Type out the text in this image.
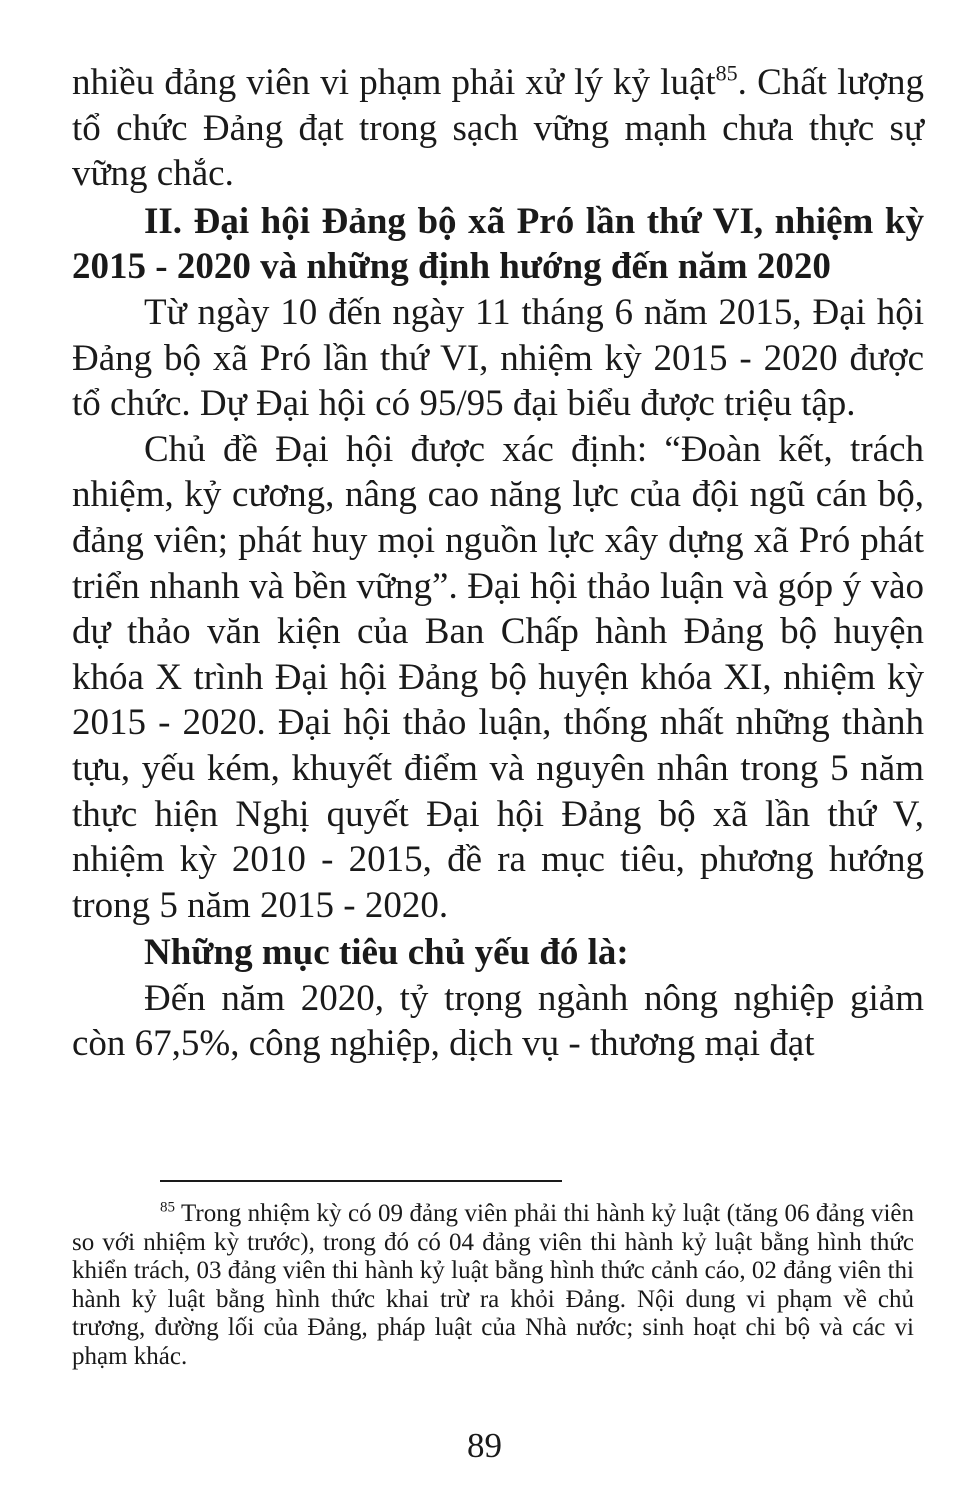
nhiều đảng viên vi phạm phải xử lý kỷ luật$^{85}$. Chất lượng tổ chức Đảng đạt trong sạch vững mạnh chưa thực sự vững chắc.

II. Đại hội Đảng bộ xã Pró lần thứ VI, nhiệm kỳ 2015 - 2020 và những định hướng đến năm 2020

Từ ngày 10 đến ngày 11 tháng 6 năm 2015, Đại hội Đảng bộ xã Pró lần thứ VI, nhiệm kỳ 2015 - 2020 được tổ chức. Dự Đại hội có 95/95 đại biểu được triệu tập.

Chủ đề Đại hội được xác định: “Đoàn kết, trách nhiệm, kỷ cương, nâng cao năng lực của đội ngũ cán bộ, đảng viên; phát huy mọi nguồn lực xây dựng xã Pró phát triển nhanh và bền vững”. Đại hội thảo luận và góp ý vào dự thảo văn kiện của Ban Chấp hành Đảng bộ huyện khóa X trình Đại hội Đảng bộ huyện khóa XI, nhiệm kỳ 2015 - 2020. Đại hội thảo luận, thống nhất những thành tựu, yếu kém, khuyết điểm và nguyên nhân trong 5 năm thực hiện Nghị quyết Đại hội Đảng bộ xã lần thứ V, nhiệm kỳ 2010 - 2015, đề ra mục tiêu, phương hướng trong 5 năm 2015 - 2020.

Những mục tiêu chủ yếu đó là:

Đến năm 2020, tỷ trọng ngành nông nghiệp giảm còn 67,5%, công nghiệp, dịch vụ - thương mại đạt

$^{85}$ Trong nhiệm kỳ có 09 đảng viên phải thi hành kỷ luật (tăng 06 đảng viên so với nhiệm kỳ trước), trong đó có 04 đảng viên thi hành kỷ luật bằng hình thức khiển trách, 03 đảng viên thi hành kỷ luật bằng hình thức cảnh cáo, 02 đảng viên thi hành kỷ luật bằng hình thức khai trừ ra khỏi Đảng. Nội dung vi phạm về chủ trương, đường lối của Đảng, pháp luật của Nhà nước; sinh hoạt chi bộ và các vi phạm khác.

89
